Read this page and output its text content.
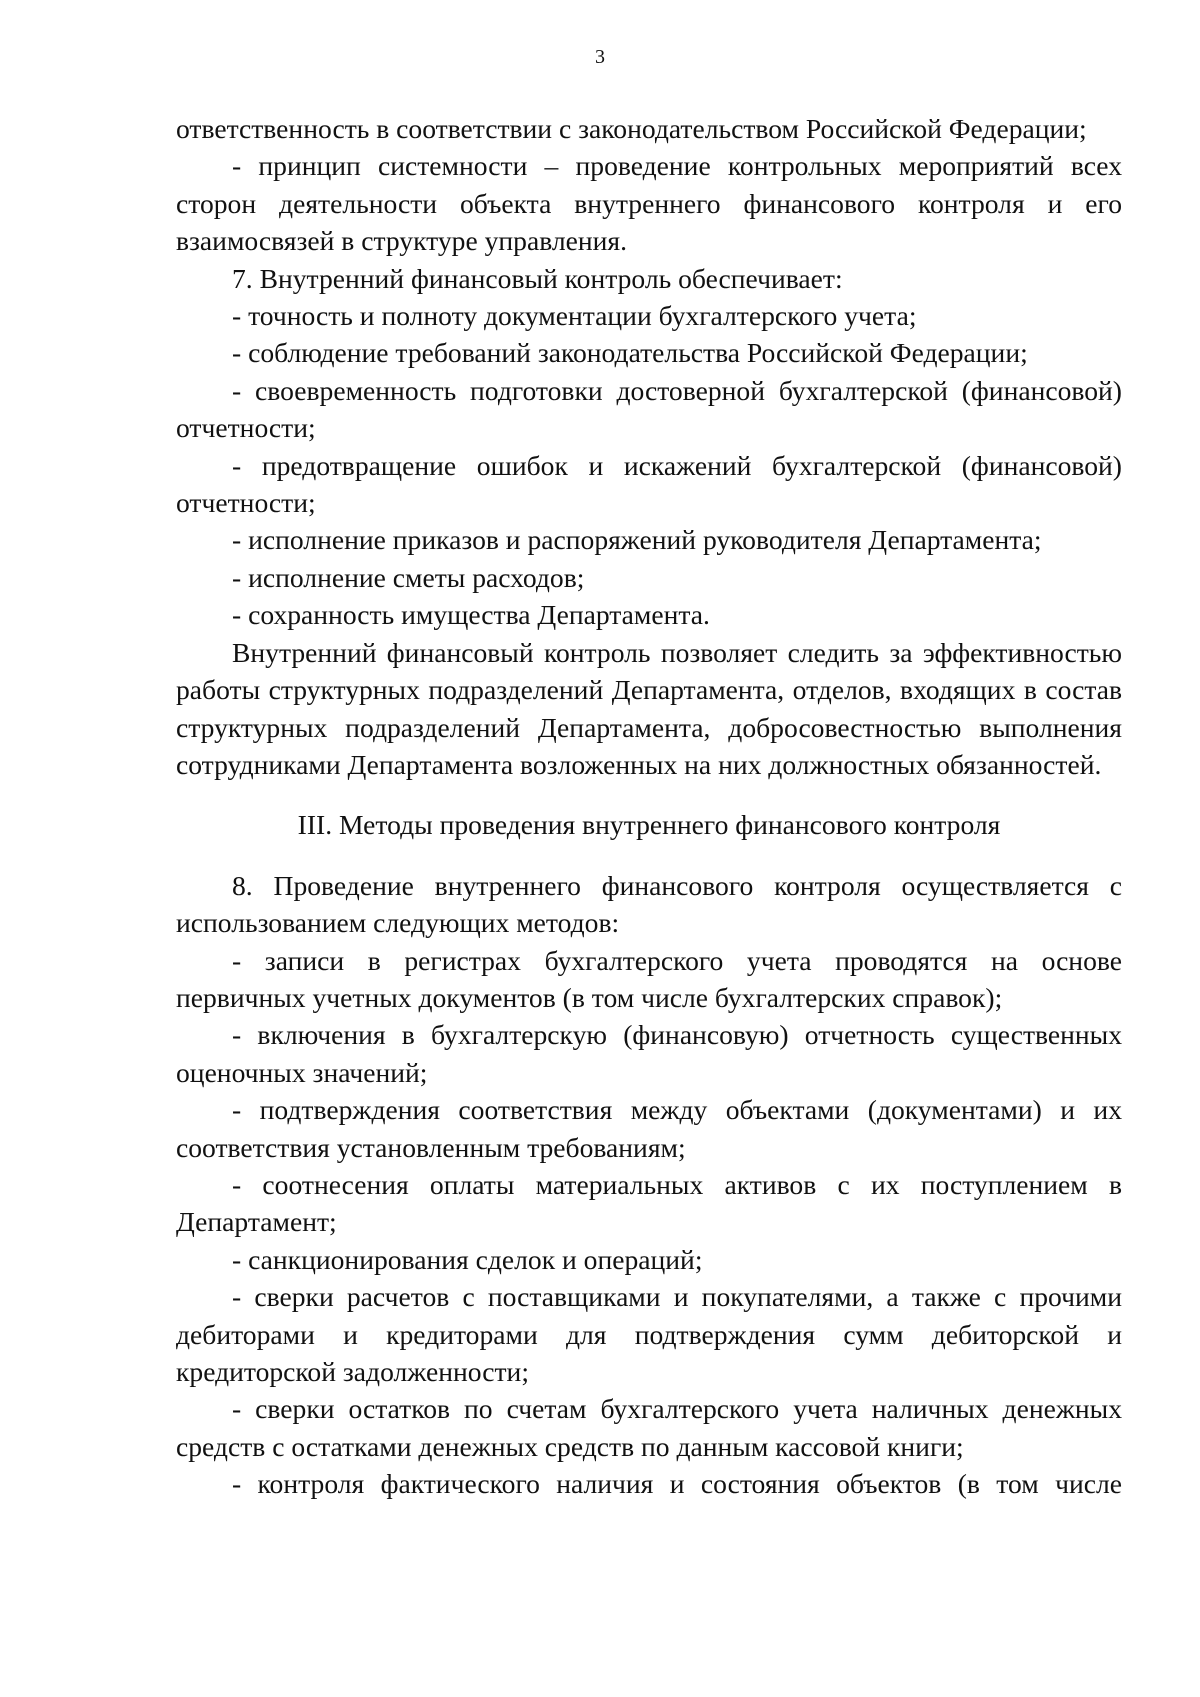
3

ответственность в соответствии с законодательством Российской Федерации;

- принцип системности – проведение контрольных мероприятий всех сторон деятельности объекта внутреннего финансового контроля и его взаимосвязей в структуре управления.

7. Внутренний финансовый контроль обеспечивает:

- точность и полноту документации бухгалтерского учета;

- соблюдение требований законодательства Российской Федерации;

- своевременность подготовки достоверной бухгалтерской (финансовой) отчетности;

- предотвращение ошибок и искажений бухгалтерской (финансовой) отчетности;

- исполнение приказов и распоряжений руководителя Департамента;

- исполнение сметы расходов;

- сохранность имущества Департамента.

Внутренний финансовый контроль позволяет следить за эффективностью работы структурных подразделений Департамента, отделов, входящих в состав структурных подразделений Департамента, добросовестностью выполнения сотрудниками Департамента возложенных на них должностных обязанностей.

III. Методы проведения внутреннего финансового контроля

8. Проведение внутреннего финансового контроля осуществляется с использованием следующих методов:

- записи в регистрах бухгалтерского учета проводятся на основе первичных учетных документов (в том числе бухгалтерских справок);

- включения в бухгалтерскую (финансовую) отчетность существенных оценочных значений;

- подтверждения соответствия между объектами (документами) и их соответствия установленным требованиям;

- соотнесения оплаты материальных активов с их поступлением в Департамент;

- санкционирования сделок и операций;

- сверки расчетов с поставщиками и покупателями, а также с прочими дебиторами и кредиторами для подтверждения сумм дебиторской и кредиторской задолженности;

- сверки остатков по счетам бухгалтерского учета наличных денежных средств с остатками денежных средств по данным кассовой книги;

- контроля фактического наличия и состояния объектов (в том числе
